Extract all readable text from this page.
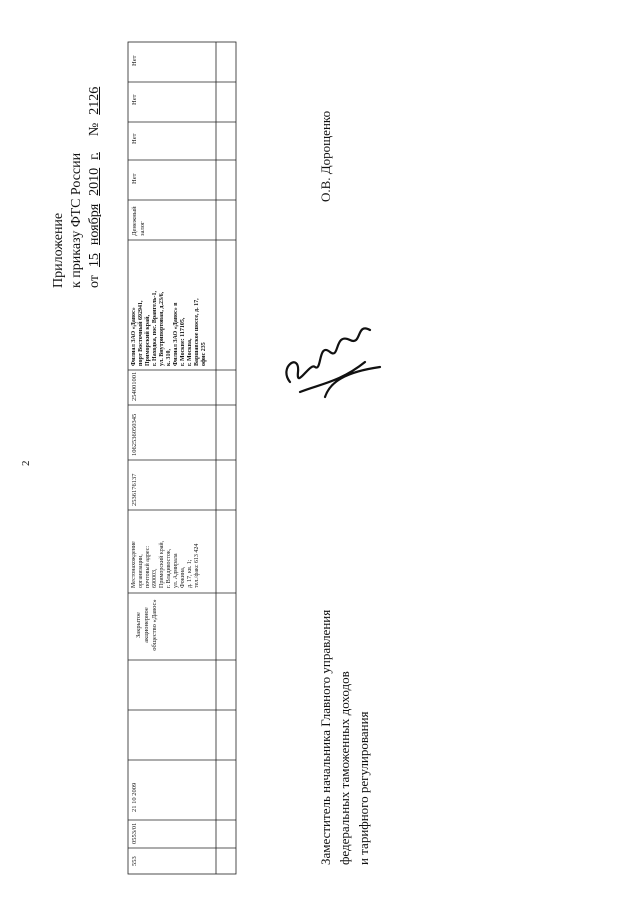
2
Приложение к приказу ФТС России от15ноября2010г.№2126
553
0553/01
21 10 2009
Закрытое акционерное общество «Давос»
Местонахождение организации, почтовый адрес: 690003, Приморский край, г. Владивосток, ул. Адмирала Фокина, д. 17, кв. 1; тел./факс 613 424
2536176137
1062536050345
254001001
Филиал ЗАО «Давос» порт Восточный 692941, Приморский край, г. Находка, пос. Врангель-1, ул. Внутрипортовая, д.23/6, к. 310, Филиал ЗАО «Давос» в г. Москве: 117105, г. Москва, Варшавское шоссе, д. 17, офис 235
Денежный залог
Нет
Нет
Нет
Нет
Заместитель начальника Главного управления федеральных таможенных доходов и тарифного регулирования
О.В. Дорощенко
